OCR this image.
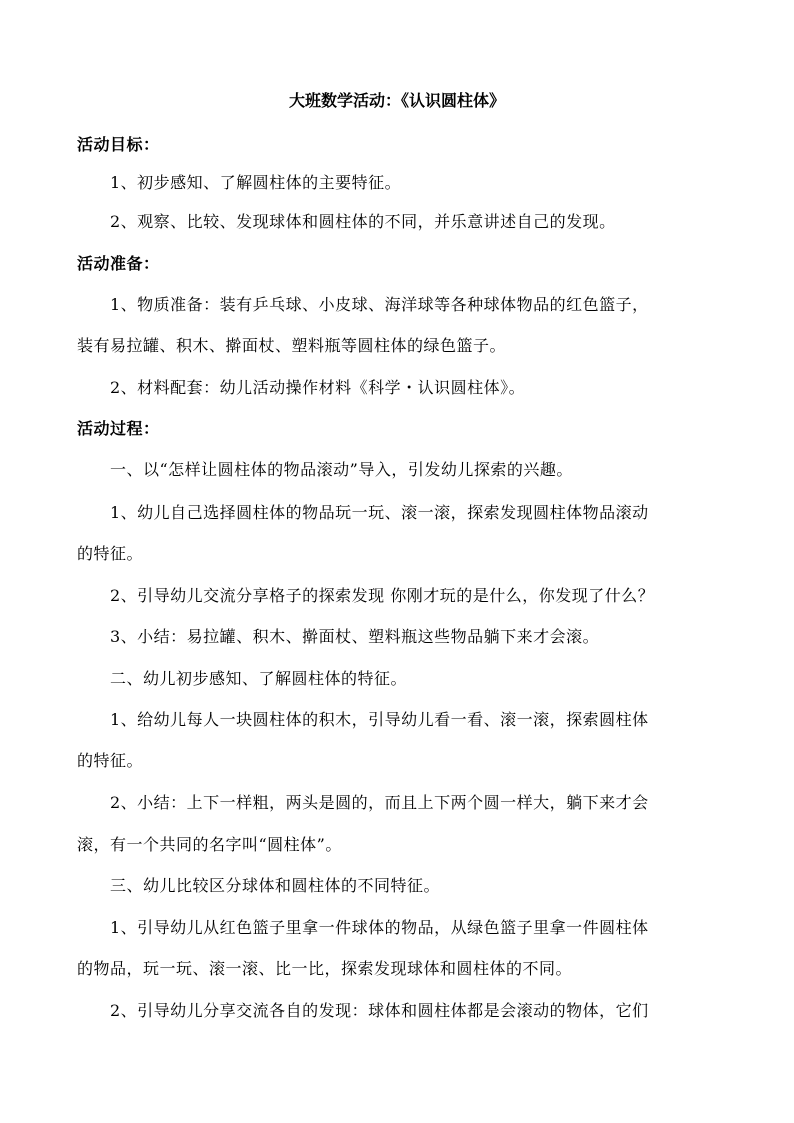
大班数学活动：《认识圆柱体》
活动目标：
1、初步感知、了解圆柱体的主要特征。
2、观察、比较、发现球体和圆柱体的不同，并乐意讲述自己的发现。
活动准备：
1、物质准备：装有乒乓球、小皮球、海洋球等各种球体物品的红色篮子，
装有易拉罐、积木、擀面杖、塑料瓶等圆柱体的绿色篮子。
2、材料配套：幼儿活动操作材料《科学・认识圆柱体》。
活动过程：
一、以“怎样让圆柱体的物品滚动”导入，引发幼儿探索的兴趣。
1、幼儿自己选择圆柱体的物品玩一玩、滚一滚，探索发现圆柱体物品滚动
的特征。
2、引导幼儿交流分享格子的探索发现 你刚才玩的是什么，你发现了什么？
3、小结：易拉罐、积木、擀面杖、塑料瓶这些物品躺下来才会滚。
二、幼儿初步感知、了解圆柱体的特征。
1、给幼儿每人一块圆柱体的积木，引导幼儿看一看、滚一滚，探索圆柱体
的特征。
2、小结：上下一样粗，两头是圆的，而且上下两个圆一样大，躺下来才会
滚，有一个共同的名字叫“圆柱体”。
三、幼儿比较区分球体和圆柱体的不同特征。
1、引导幼儿从红色篮子里拿一件球体的物品，从绿色篮子里拿一件圆柱体
的物品，玩一玩、滚一滚、比一比，探索发现球体和圆柱体的不同。
2、引导幼儿分享交流各自的发现：球体和圆柱体都是会滚动的物体，它们
